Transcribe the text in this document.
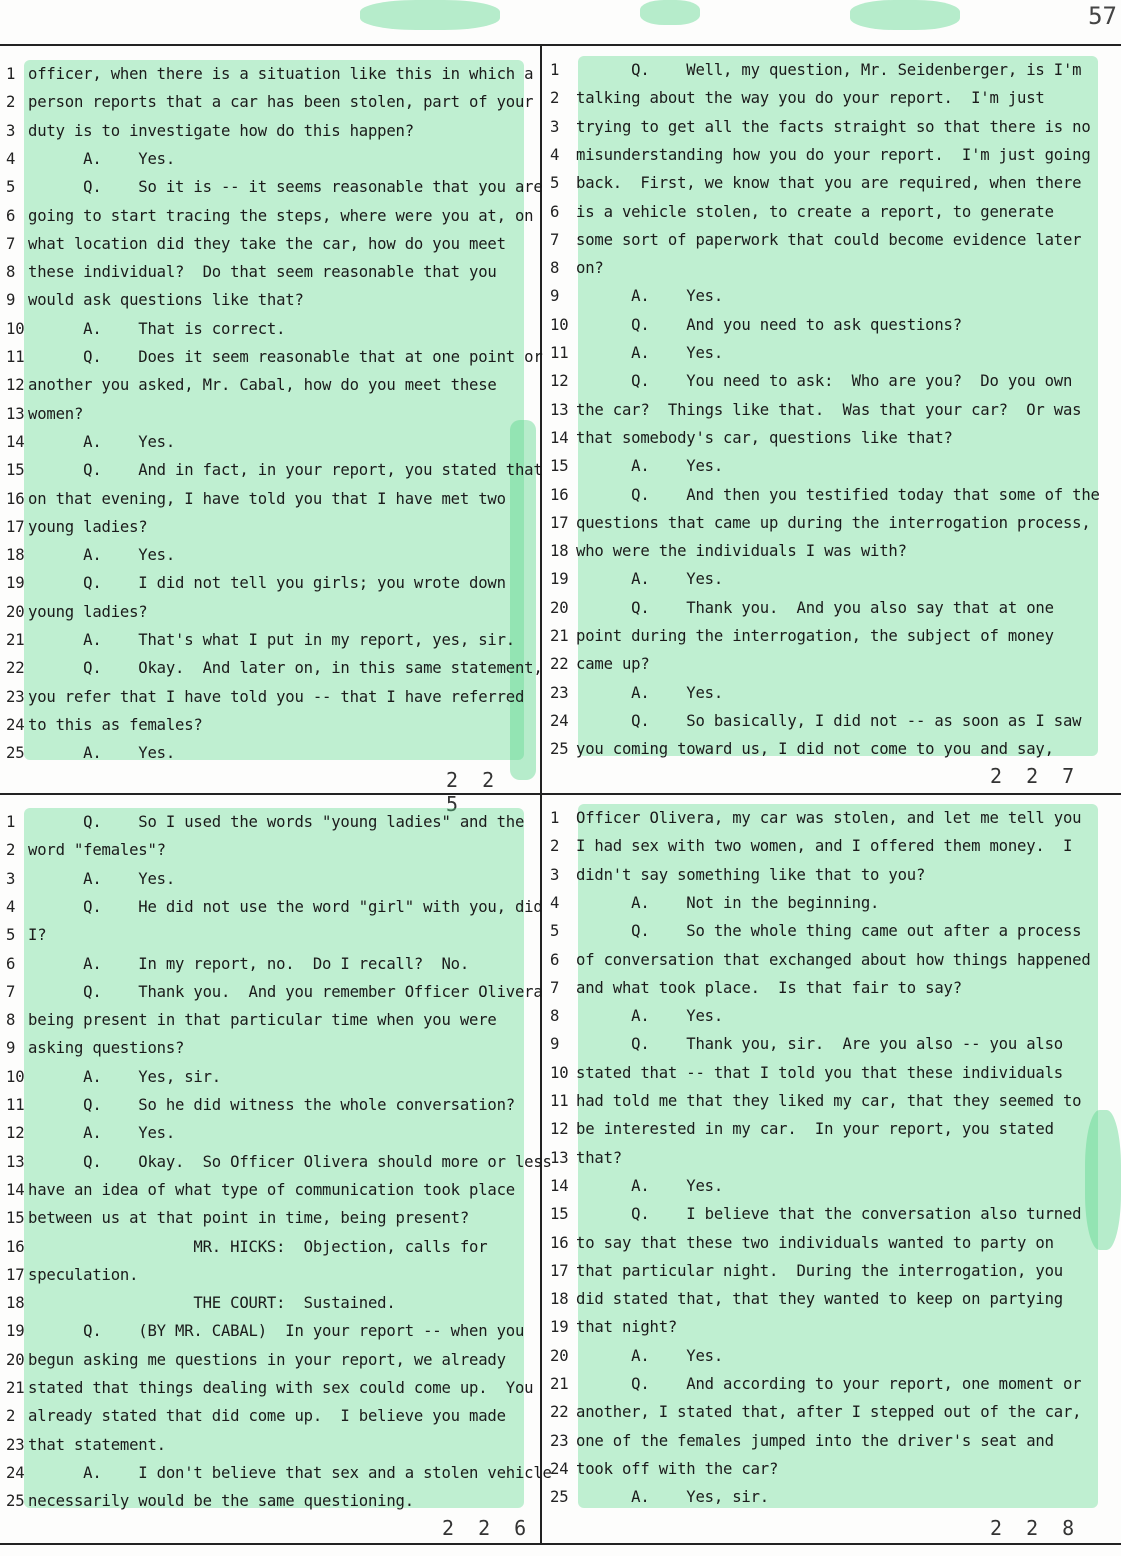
57
1 officer, when there is a situation like this in which a
2 person reports that a car has been stolen, part of your
3 duty is to investigate how do this happen?
4      A.    Yes.
5      Q.    So it is -- it seems reasonable that you are
6 going to start tracing the steps, where were you at, on
7 what location did they take the car, how do you meet
8 these individual?  Do that seem reasonable that you
9 would ask questions like that?
10      A.    That is correct.
11      Q.    Does it seem reasonable that at one point or
12 another you asked, Mr. Cabal, how do you meet these
13 women?
14      A.    Yes.
15      Q.    And in fact, in your report, you stated that
16 on that evening, I have told you that I have met two
17 young ladies?
18      A.    Yes.
19      Q.    I did not tell you girls; you wrote down
20 young ladies?
21      A.    That's what I put in my report, yes, sir.
22      Q.    Okay.  And later on, in this same statement,
23 you refer that I have told you -- that I have referred
24 to this as females?
25      A.    Yes.
2 2 5
1      Q.    Well, my question, Mr. Seidenberger, is I'm
2 talking about the way you do your report.  I'm just
3 trying to get all the facts straight so that there is no
4 misunderstanding how you do your report.  I'm just going
5 back.  First, we know that you are required, when there
6 is a vehicle stolen, to create a report, to generate
7 some sort of paperwork that could become evidence later
8 on?
9      A.    Yes.
10      Q.    And you need to ask questions?
11      A.    Yes.
12      Q.    You need to ask:  Who are you?  Do you own
13 the car?  Things like that.  Was that your car?  Or was
14 that somebody's car, questions like that?
15      A.    Yes.
16      Q.    And then you testified today that some of the
17 questions that came up during the interrogation process,
18 who were the individuals I was with?
19      A.    Yes.
20      Q.    Thank you.  And you also say that at one
21 point during the interrogation, the subject of money
22 came up?
23      A.    Yes.
24      Q.    So basically, I did not -- as soon as I saw
25 you coming toward us, I did not come to you and say,
2 2 7
1      Q.    So I used the words "young ladies" and the
2 word "females"?
3      A.    Yes.
4      Q.    He did not use the word "girl" with you, did
5 I?
6      A.    In my report, no.  Do I recall?  No.
7      Q.    Thank you.  And you remember Officer Olivera
8 being present in that particular time when you were
9 asking questions?
10      A.    Yes, sir.
11      Q.    So he did witness the whole conversation?
12      A.    Yes.
13      Q.    Okay.  So Officer Olivera should more or less
14 have an idea of what type of communication took place
15 between us at that point in time, being present?
16                  MR. HICKS:  Objection, calls for
17 speculation.
18                  THE COURT:  Sustained.
19      Q.    (BY MR. CABAL)  In your report -- when you
20 begun asking me questions in your report, we already
21 stated that things dealing with sex could come up.  You
2 already stated that did come up.  I believe you made
23 that statement.
24      A.    I don't believe that sex and a stolen vehicle
25 necessarily would be the same questioning.
2 2 6
1 Officer Olivera, my car was stolen, and let me tell you
2 I had sex with two women, and I offered them money.  I
3 didn't say something like that to you?
4      A.    Not in the beginning.
5      Q.    So the whole thing came out after a process
6 of conversation that exchanged about how things happened
7 and what took place.  Is that fair to say?
8      A.    Yes.
9      Q.    Thank you, sir.  Are you also -- you also
10 stated that -- that I told you that these individuals
11 had told me that they liked my car, that they seemed to
12 be interested in my car.  In your report, you stated
13 that?
14      A.    Yes.
15      Q.    I believe that the conversation also turned
16 to say that these two individuals wanted to party on
17 that particular night.  During the interrogation, you
18 did stated that, that they wanted to keep on partying
19 that night?
20      A.    Yes.
21      Q.    And according to your report, one moment or
22 another, I stated that, after I stepped out of the car,
23 one of the females jumped into the driver's seat and
24 took off with the car?
25      A.    Yes, sir.
2 2 8
